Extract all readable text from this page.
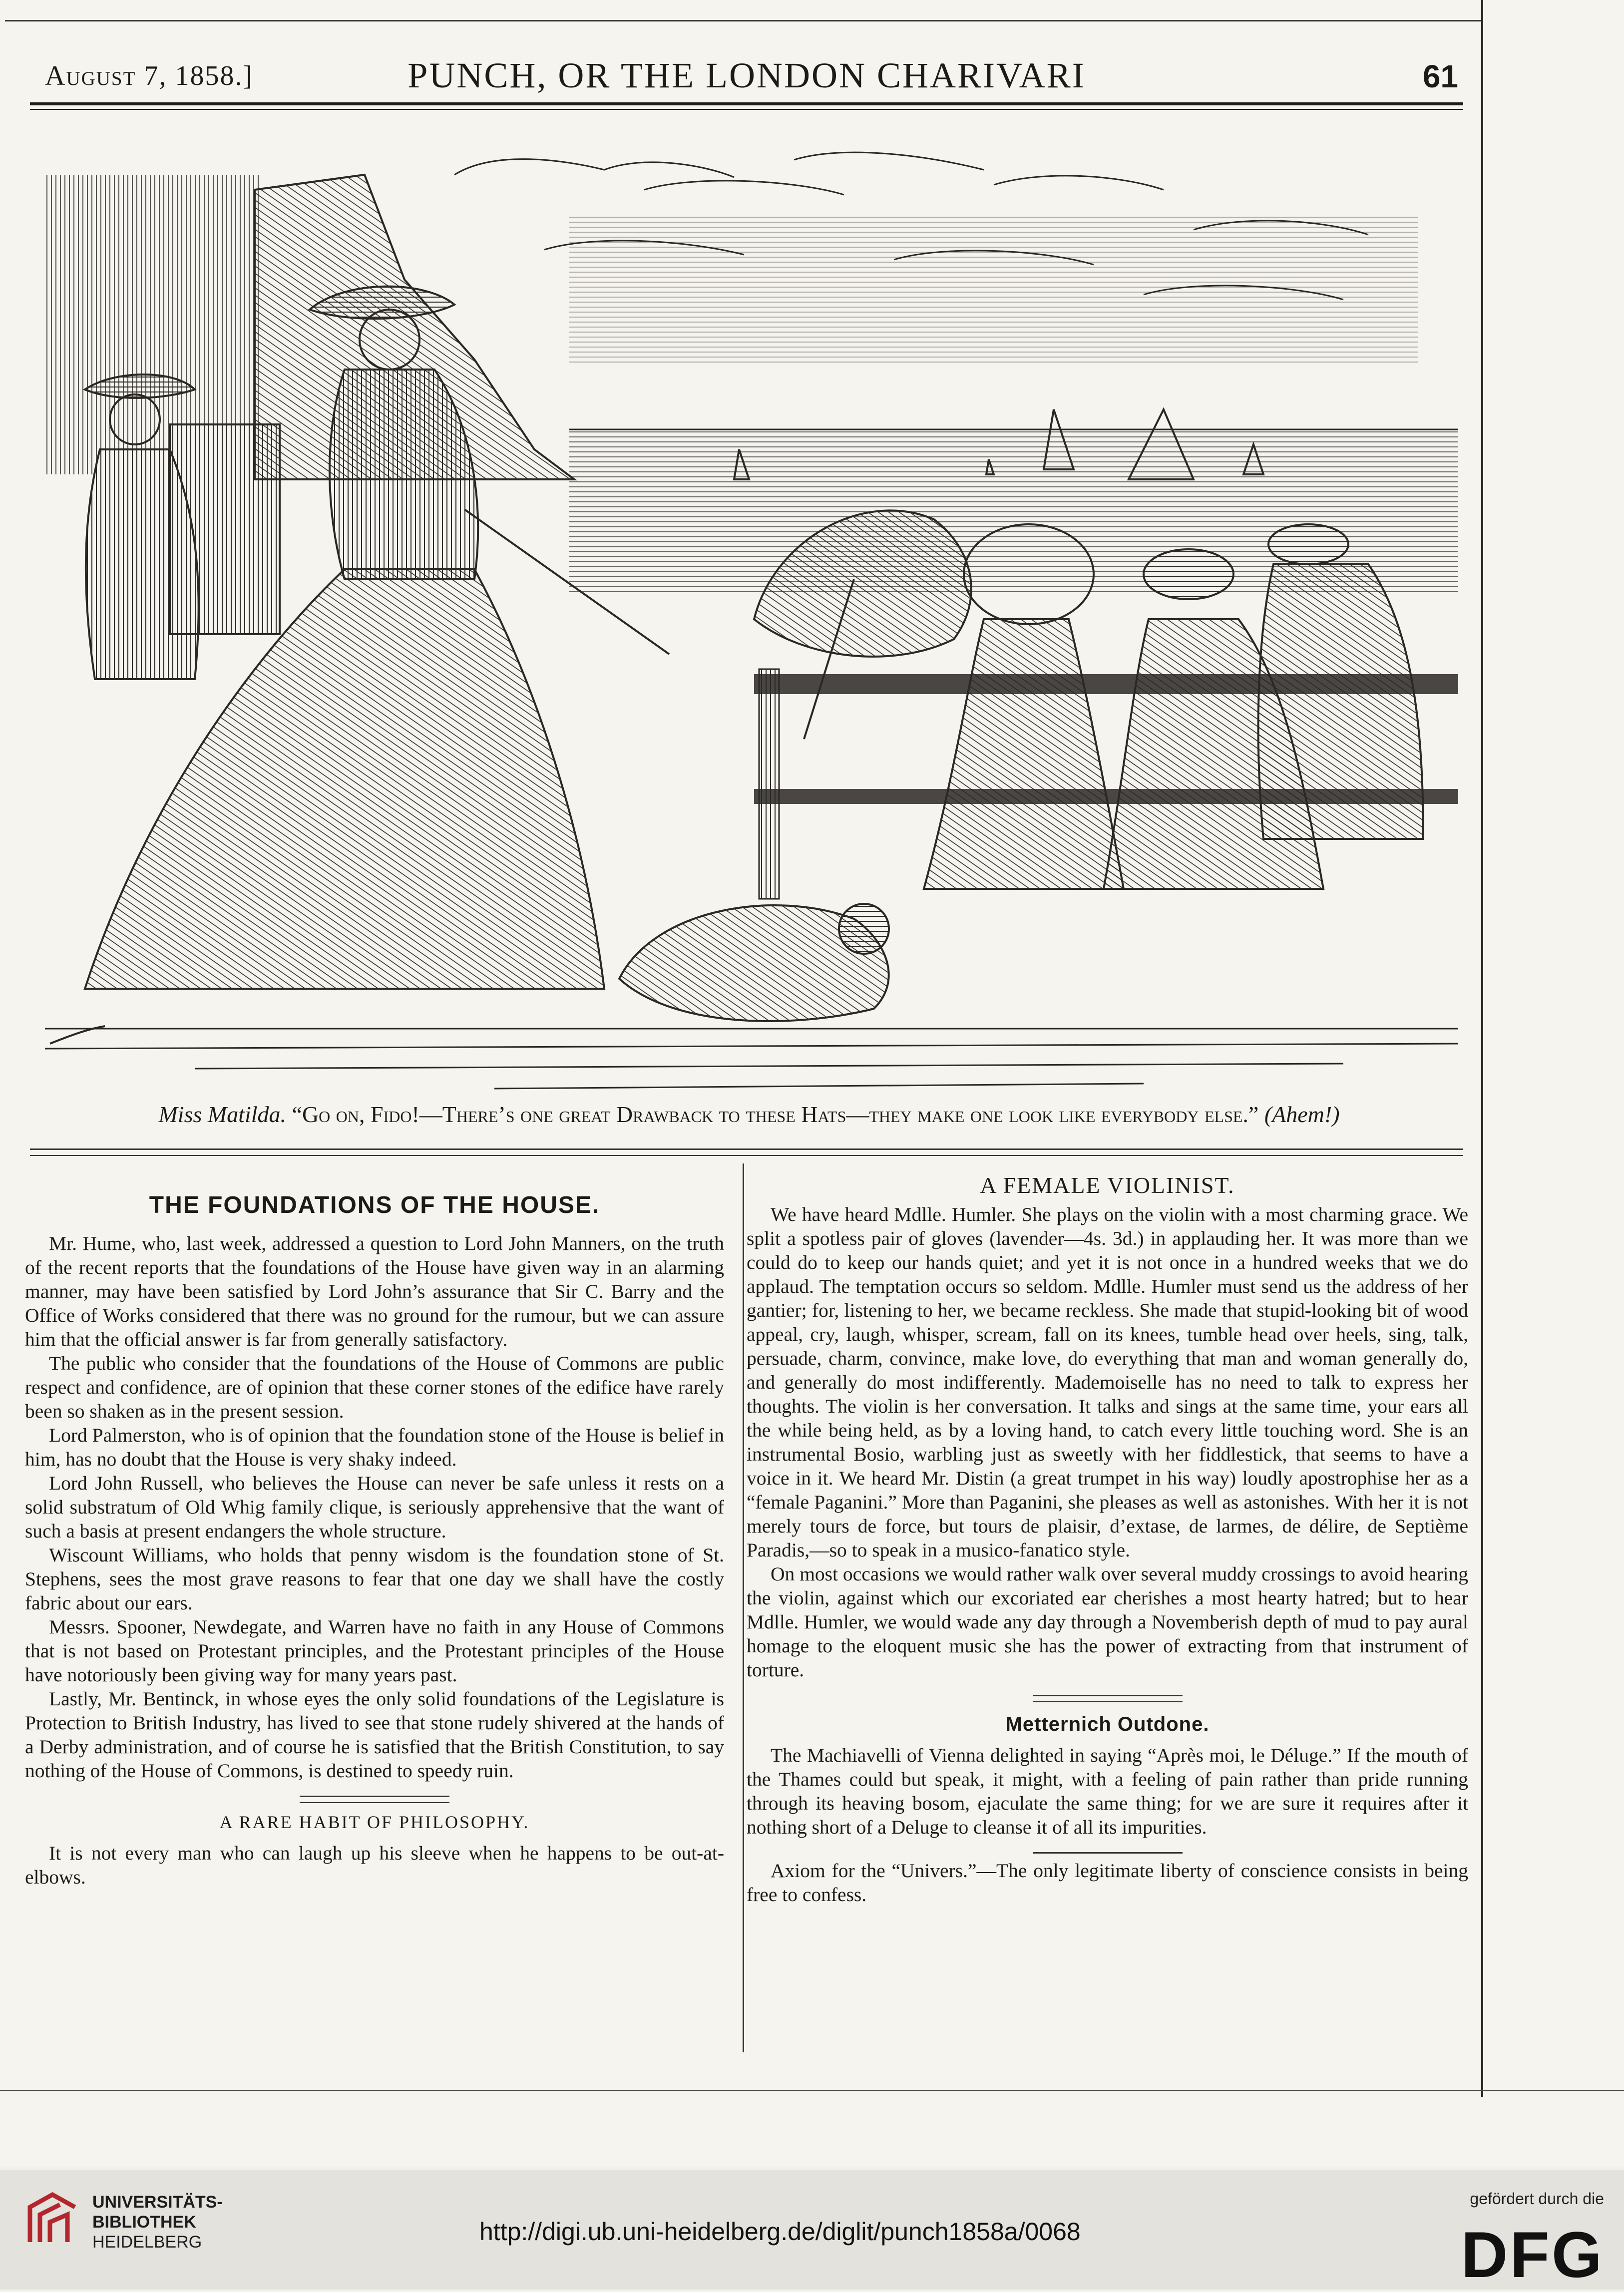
August 7, 1858.]	PUNCH, OR THE LONDON CHARIVARI	61
Miss Matilda. “Go on, Fido!—There’s one great Drawback to these Hats—they make one look like everybody else.” (Ahem!)
THE FOUNDATIONS OF THE HOUSE.

Mr. Hume, who, last week, addressed a question to Lord John Manners, on the truth of the recent reports that the foundations of the House have given way in an alarming manner, may have been satisfied by Lord John’s assurance that Sir C. Barry and the Office of Works considered that there was no ground for the rumour, but we can assure him that the official answer is far from generally satisfactory.

The public who consider that the foundations of the House of Commons are public respect and confidence, are of opinion that these corner stones of the edifice have rarely been so shaken as in the present session.

Lord Palmerston, who is of opinion that the foundation stone of the House is belief in him, has no doubt that the House is very shaky indeed.

Lord John Russell, who believes the House can never be safe unless it rests on a solid substratum of Old Whig family clique, is seriously apprehensive that the want of such a basis at present endangers the whole structure.

Wiscount Williams, who holds that penny wisdom is the foundation stone of St. Stephens, sees the most grave reasons to fear that one day we shall have the costly fabric about our ears.

Messrs. Spooner, Newdegate, and Warren have no faith in any House of Commons that is not based on Protestant principles, and the Protestant principles of the House have notoriously been giving way for many years past.

Lastly, Mr. Bentinck, in whose eyes the only solid foundations of the Legislature is Protection to British Industry, has lived to see that stone rudely shivered at the hands of a Derby administration, and of course he is satisfied that the British Constitution, to say nothing of the House of Commons, is destined to speedy ruin.

A RARE HABIT OF PHILOSOPHY.

It is not every man who can laugh up his sleeve when he happens to be out-at-elbows.

A FEMALE VIOLINIST.

We have heard Mdlle. Humler. She plays on the violin with a most charming grace. We split a spotless pair of gloves (lavender—4s. 3d.) in applauding her. It was more than we could do to keep our hands quiet; and yet it is not once in a hundred weeks that we do applaud. The temptation occurs so seldom. Mdlle. Humler must send us the address of her gantier; for, listening to her, we became reckless. She made that stupid-looking bit of wood appeal, cry, laugh, whisper, scream, fall on its knees, tumble head over heels, sing, talk, persuade, charm, convince, make love, do everything that man and woman generally do, and generally do most indifferently. Mademoiselle has no need to talk to express her thoughts. The violin is her conversation. It talks and sings at the same time, your ears all the while being held, as by a loving hand, to catch every little touching word. She is an instrumental Bosio, warbling just as sweetly with her fiddlestick, that seems to have a voice in it. We heard Mr. Distin (a great trumpet in his way) loudly apostrophise her as a “female Paganini.” More than Paganini, she pleases as well as astonishes. With her it is not merely tours de force, but tours de plaisir, d’extase, de larmes, de délire, de Septième Paradis,—so to speak in a musico-fanatico style.

On most occasions we would rather walk over several muddy crossings to avoid hearing the violin, against which our excoriated ear cherishes a most hearty hatred; but to hear Mdlle. Humler, we would wade any day through a Novemberish depth of mud to pay aural homage to the eloquent music she has the power of extracting from that instrument of torture.

Metternich Outdone.

The Machiavelli of Vienna delighted in saying “Après moi, le Déluge.” If the mouth of the Thames could but speak, it might, with a feeling of pain rather than pride running through its heaving bosom, ejaculate the same thing; for we are sure it requires after it nothing short of a Deluge to cleanse it of all its impurities.

Axiom for the “Univers.”—The only legitimate liberty of conscience consists in being free to confess.

UNIVERSITÄTS-
BIBLIOTHEK
HEIDELBERG	http://digi.ub.uni-heidelberg.de/diglit/punch1858a/0068
gefördert durch die
DFG
